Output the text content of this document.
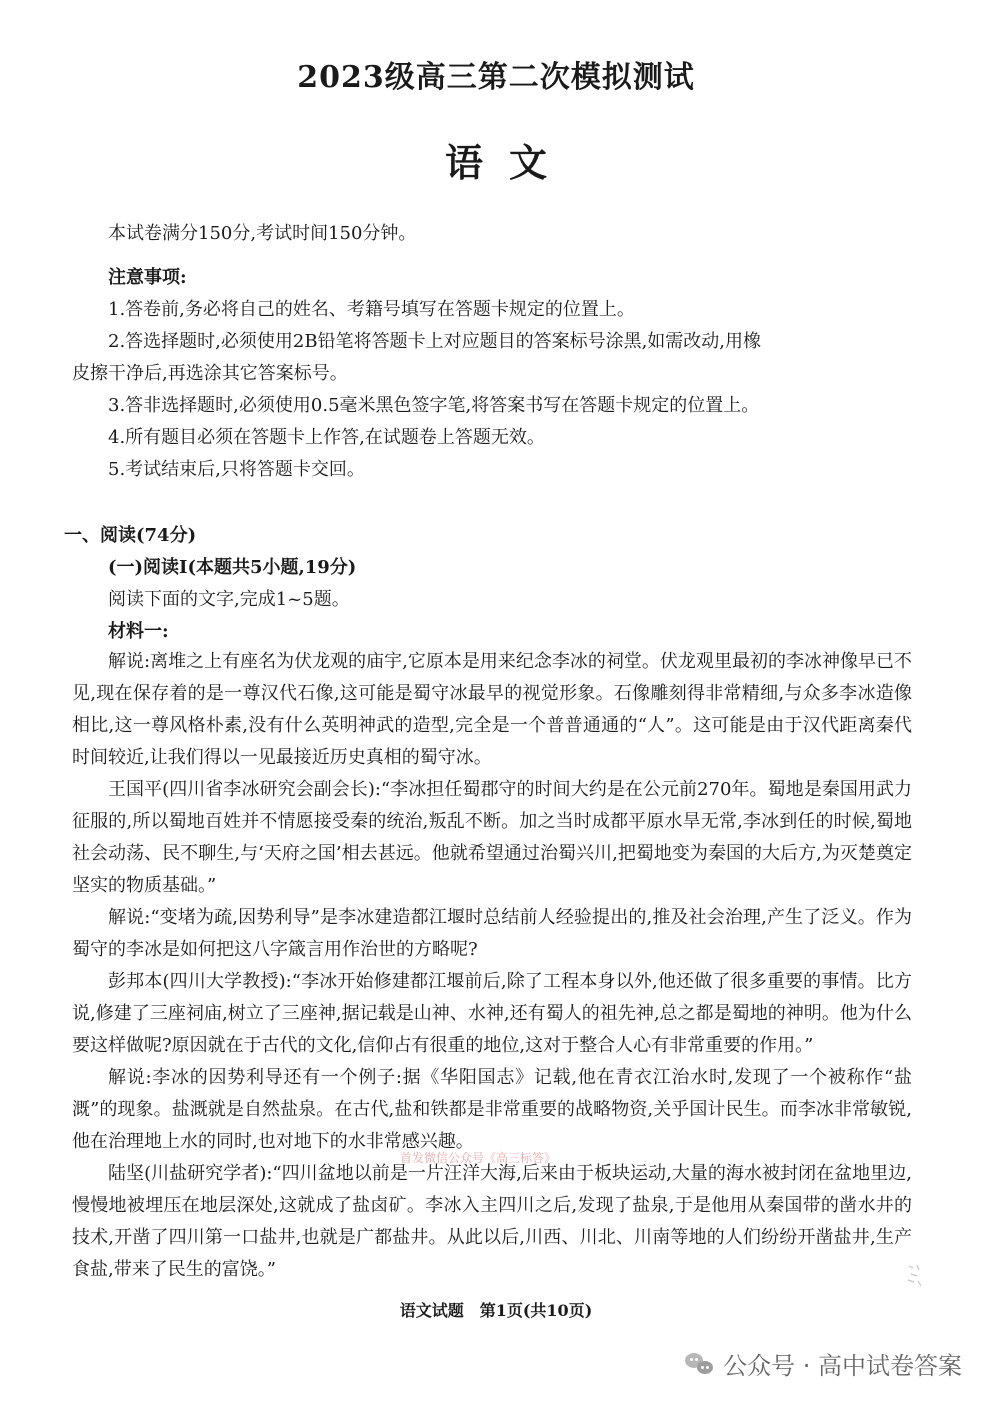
2023级高三第二次模拟测试
语文
本试卷满分150分,考试时间150分钟。
注意事项:
1.答卷前,务必将自己的姓名、考籍号填写在答题卡规定的位置上。
2.答选择题时,必须使用2B铅笔将答题卡上对应题目的答案标号涂黑,如需改动,用橡
皮擦干净后,再选涂其它答案标号。
3.答非选择题时,必须使用0.5毫米黑色签字笔,将答案书写在答题卡规定的位置上。
4.所有题目必须在答题卡上作答,在试题卷上答题无效。
5.考试结束后,只将答题卡交回。
一、阅读(74分)
(一)阅读Ⅰ(本题共5小题,19分)
阅读下面的文字,完成1~5题。
材料一:
解说:离堆之上有座名为伏龙观的庙宇,它原本是用来纪念李冰的祠堂。伏龙观里最初的李冰神像早已不见,现在保存着的是一尊汉代石像,这可能是蜀守冰最早的视觉形象。石像雕刻得非常精细,与众多李冰造像相比,这一尊风格朴素,没有什么英明神武的造型,完全是一个普普通通的“人”。这可能是由于汉代距离秦代时间较近,让我们得以一见最接近历史真相的蜀守冰。
王国平(四川省李冰研究会副会长):“李冰担任蜀郡守的时间大约是在公元前270年。蜀地是秦国用武力征服的,所以蜀地百姓并不情愿接受秦的统治,叛乱不断。加之当时成都平原水旱无常,李冰到任的时候,蜀地社会动荡、民不聊生,与‘天府之国’相去甚远。他就希望通过治蜀兴川,把蜀地变为秦国的大后方,为灭楚奠定坚实的物质基础。”
解说:“变堵为疏,因势利导”是李冰建造都江堰时总结前人经验提出的,推及社会治理,产生了泛义。作为蜀守的李冰是如何把这八字箴言用作治世的方略呢?
彭邦本(四川大学教授):“李冰开始修建都江堰前后,除了工程本身以外,他还做了很多重要的事情。比方说,修建了三座祠庙,树立了三座神,据记载是山神、水神,还有蜀人的祖先神,总之都是蜀地的神明。他为什么要这样做呢?原因就在于古代的文化,信仰占有很重的地位,这对于整合人心有非常重要的作用。”
解说:李冰的因势利导还有一个例子:据《华阳国志》记载,他在青衣江治水时,发现了一个被称作“盐溉”的现象。盐溉就是自然盐泉。在古代,盐和铁都是非常重要的战略物资,关乎国计民生。而李冰非常敏锐,他在治理地上水的同时,也对地下的水非常感兴趣。
陆坚(川盐研究学者):“四川盆地以前是一片汪洋大海,后来由于板块运动,大量的海水被封闭在盆地里边,慢慢地被埋压在地层深处,这就成了盐卤矿。李冰入主四川之后,发现了盐泉,于是他用从秦国带的凿水井的技术,开凿了四川第一口盐井,也就是广都盐井。从此以后,川西、川北、川南等地的人们纷纷开凿盐井,生产食盐,带来了民生的富饶。”
首发微信公众号《高三标答》
语文试题　第1页(共10页)
公众号 · 高中试卷答案
